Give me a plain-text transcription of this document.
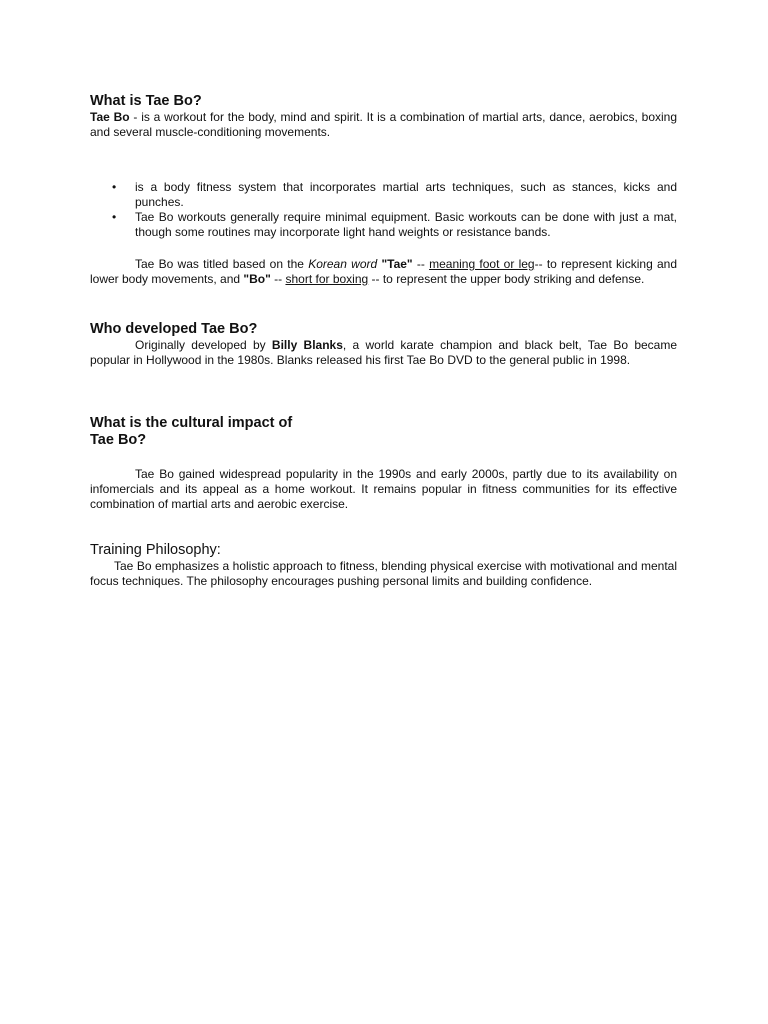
What is Tae Bo?

Tae Bo - is a workout for the body, mind and spirit. It is a combination of martial arts, dance, aerobics, boxing and several muscle-conditioning movements.

• is a body fitness system that incorporates martial arts techniques, such as stances, kicks and punches.
• Tae Bo workouts generally require minimal equipment. Basic workouts can be done with just a mat, though some routines may incorporate light hand weights or resistance bands.

Tae Bo was titled based on the Korean word "Tae" -- meaning foot or leg-- to represent kicking and lower body movements, and "Bo" -- short for boxing -- to represent the upper body striking and defense.

Who developed Tae Bo?

Originally developed by Billy Blanks, a world karate champion and black belt, Tae Bo became popular in Hollywood in the 1980s. Blanks released his first Tae Bo DVD to the general public in 1998.

What is the cultural impact of
Tae Bo?

Tae Bo gained widespread popularity in the 1990s and early 2000s, partly due to its availability on infomercials and its appeal as a home workout. It remains popular in fitness communities for its effective combination of martial arts and aerobic exercise.

Training Philosophy:

Tae Bo emphasizes a holistic approach to fitness, blending physical exercise with motivational and mental focus techniques. The philosophy encourages pushing personal limits and building confidence.
